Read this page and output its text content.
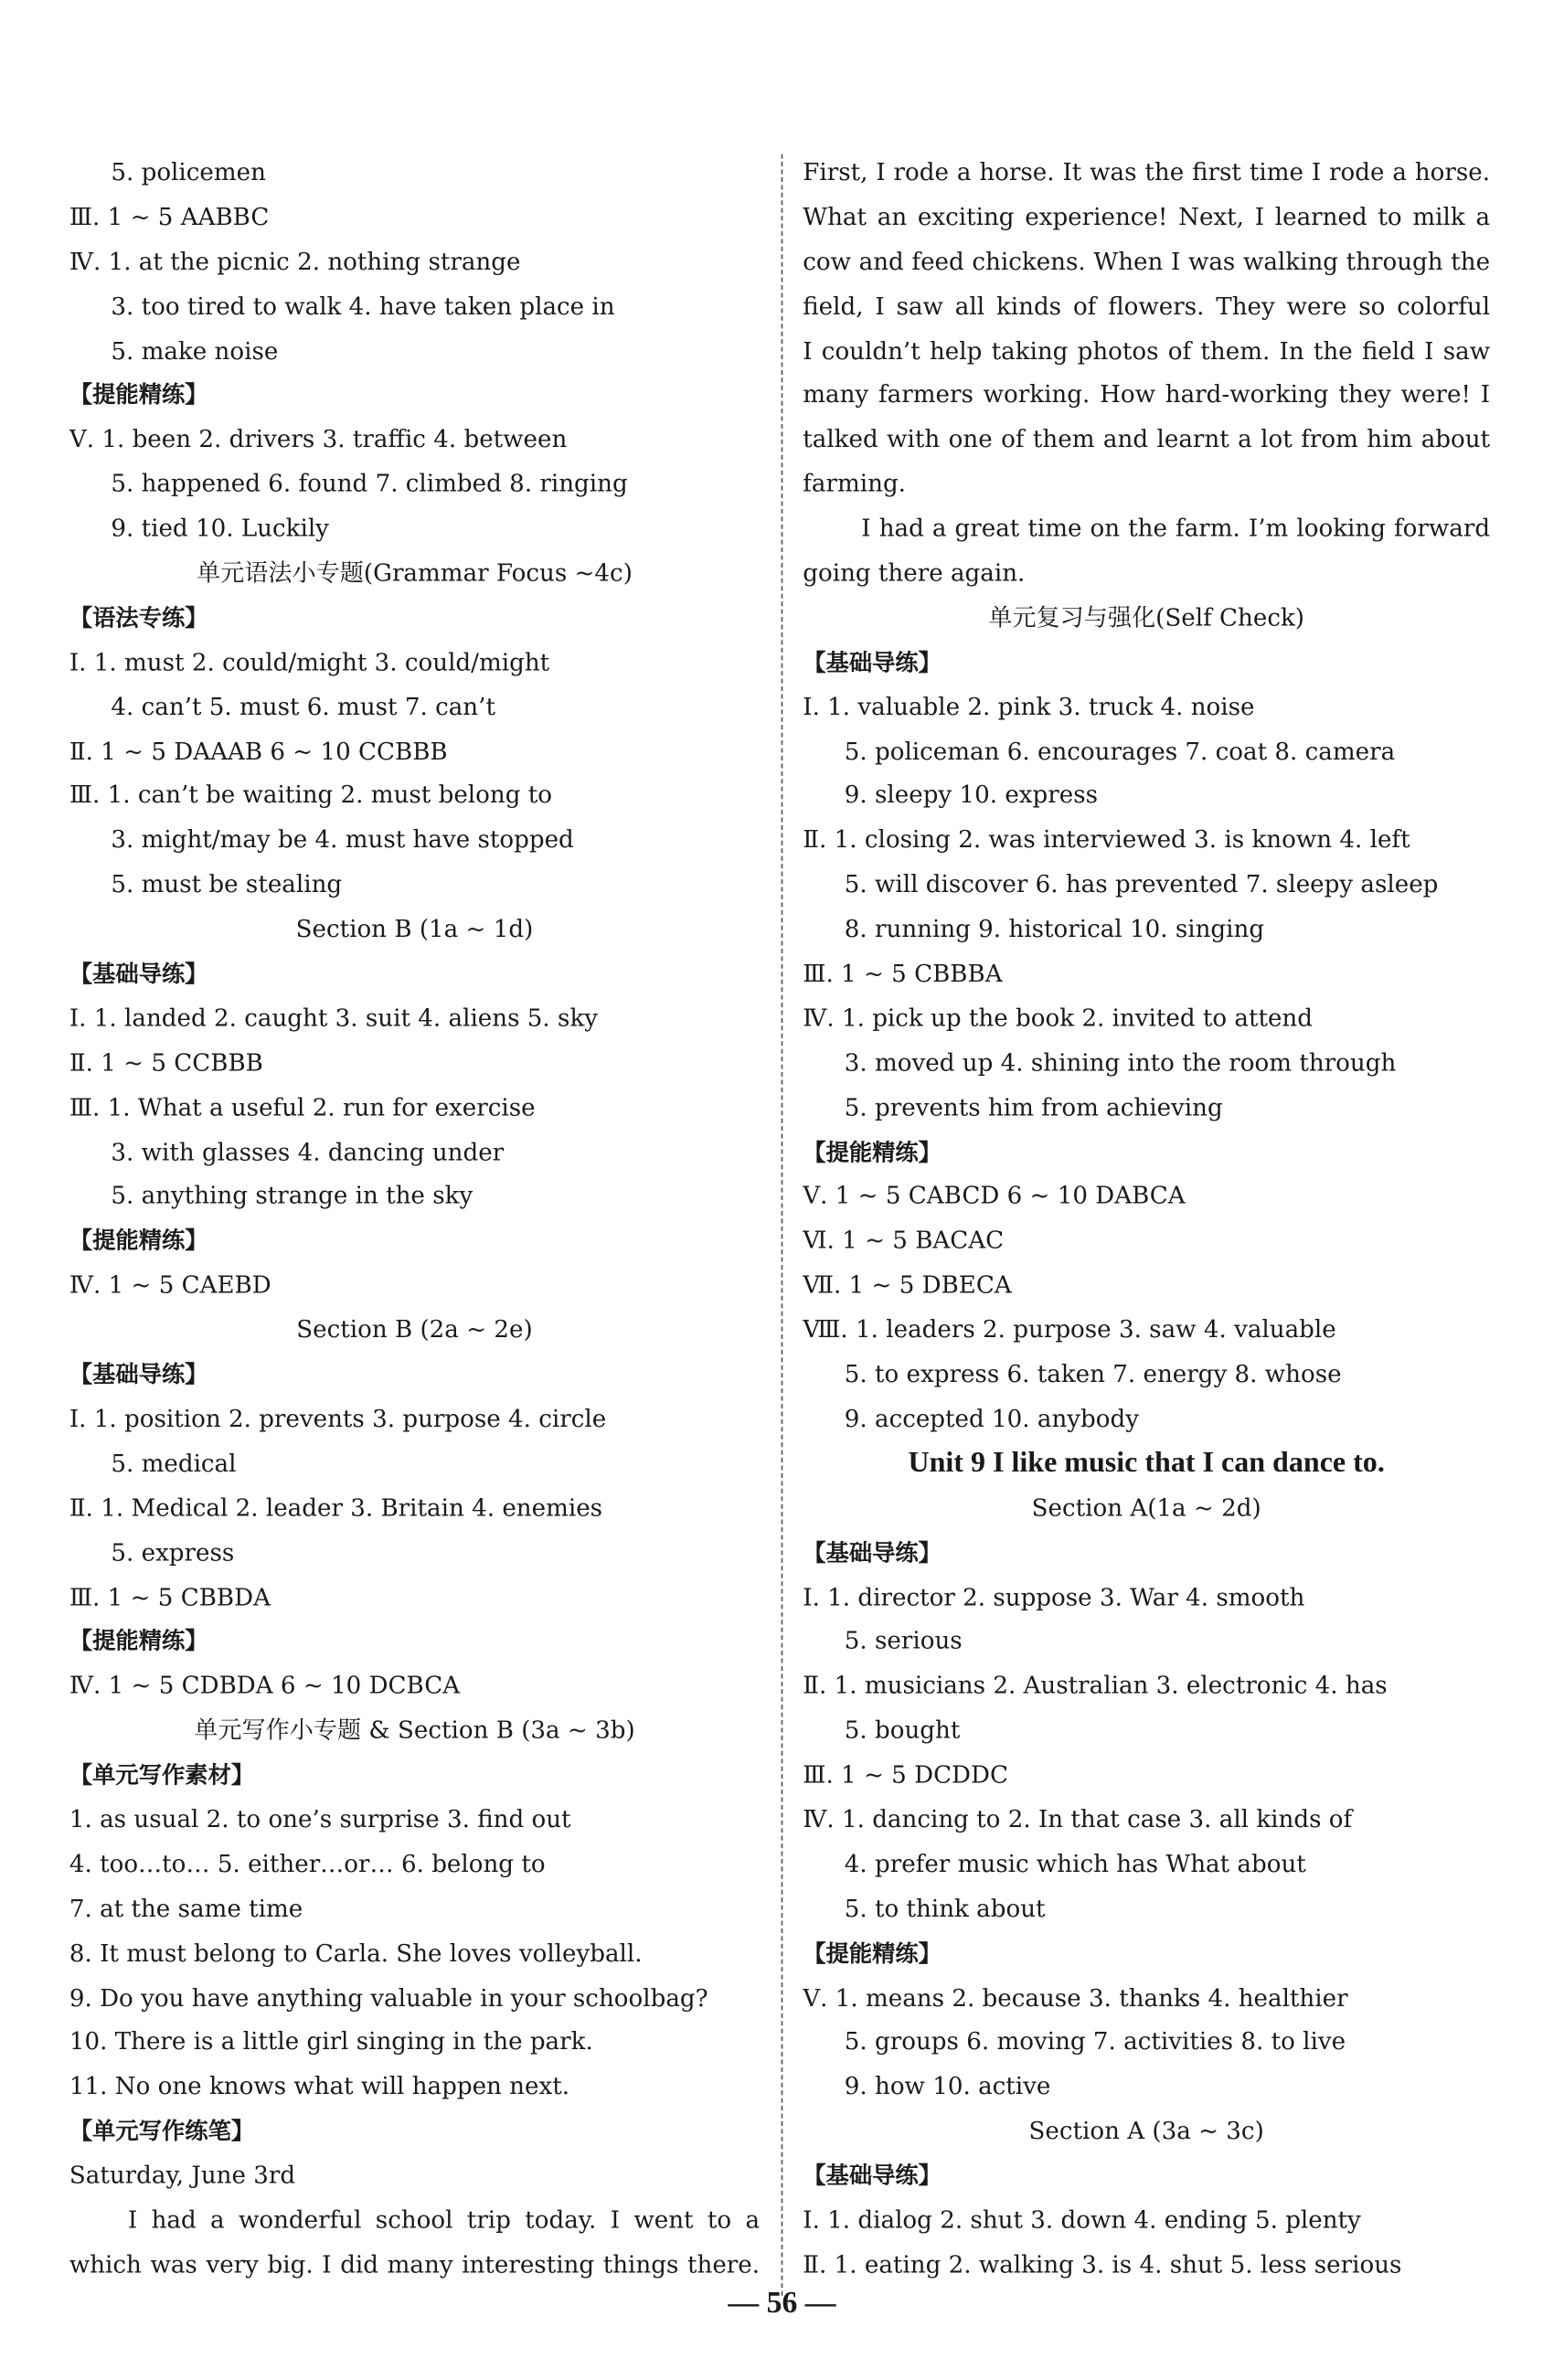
5. policemen
Ⅲ. 1 ~ 5 AABBC
Ⅳ. 1. at the picnic 2. nothing strange
3. too tired to walk 4. have taken place in
5. make noise
【提能精练】
Ⅴ. 1. been 2. drivers 3. traffic 4. between
5. happened 6. found 7. climbed 8. ringing
9. tied 10. Luckily
单元语法小专题(Grammar Focus ~4c)
【语法专练】
Ⅰ. 1. must 2. could/might 3. could/might
4. can’t 5. must 6. must 7. can’t
Ⅱ. 1 ~ 5 DAAAB 6 ~ 10 CCBBB
Ⅲ. 1. can’t be waiting 2. must belong to
3. might/may be 4. must have stopped
5. must be stealing
Section B (1a ~ 1d)
【基础导练】
Ⅰ. 1. landed 2. caught 3. suit 4. aliens 5. sky
Ⅱ. 1 ~ 5 CCBBB
Ⅲ. 1. What a useful 2. run for exercise
3. with glasses 4. dancing under
5. anything strange in the sky
【提能精练】
Ⅳ. 1 ~ 5 CAEBD
Section B (2a ~ 2e)
【基础导练】
Ⅰ. 1. position 2. prevents 3. purpose 4. circle
5. medical
Ⅱ. 1. Medical 2. leader 3. Britain 4. enemies
5. express
Ⅲ. 1 ~ 5 CBBDA
【提能精练】
Ⅳ. 1 ~ 5 CDBDA 6 ~ 10 DCBCA
单元写作小专题 & Section B (3a ~ 3b)
【单元写作素材】
1. as usual 2. to one’s surprise 3. find out
4. too…to… 5. either…or… 6. belong to
7. at the same time
8. It must belong to Carla. She loves volleyball.
9. Do you have anything valuable in your schoolbag?
10. There is a little girl singing in the park.
11. No one knows what will happen next.
【单元写作练笔】
Saturday, June 3rd
I had a wonderful school trip today. I went to a
which was very big. I did many interesting things there.
First, I rode a horse. It was the first time I rode a horse.
What an exciting experience! Next, I learned to milk a
cow and feed chickens. When I was walking through the
field, I saw all kinds of flowers. They were so colorful
I couldn’t help taking photos of them. In the field I saw
many farmers working. How hard-working they were! I
talked with one of them and learnt a lot from him about
farming.
I had a great time on the farm. I’m looking forward
going there again.
单元复习与强化(Self Check)
【基础导练】
Ⅰ. 1. valuable 2. pink 3. truck 4. noise
5. policeman 6. encourages 7. coat 8. camera
9. sleepy 10. express
Ⅱ. 1. closing 2. was interviewed 3. is known 4. left
5. will discover 6. has prevented 7. sleepy asleep
8. running 9. historical 10. singing
Ⅲ. 1 ~ 5 CBBBA
Ⅳ. 1. pick up the book 2. invited to attend
3. moved up 4. shining into the room through
5. prevents him from achieving
【提能精练】
Ⅴ. 1 ~ 5 CABCD 6 ~ 10 DABCA
Ⅵ. 1 ~ 5 BACAC
Ⅶ. 1 ~ 5 DBECA
Ⅷ. 1. leaders 2. purpose 3. saw 4. valuable
5. to express 6. taken 7. energy 8. whose
9. accepted 10. anybody
Unit 9 I like music that I can dance to.
Section A(1a ~ 2d)
【基础导练】
Ⅰ. 1. director 2. suppose 3. War 4. smooth
5. serious
Ⅱ. 1. musicians 2. Australian 3. electronic 4. has
5. bought
Ⅲ. 1 ~ 5 DCDDC
Ⅳ. 1. dancing to 2. In that case 3. all kinds of
4. prefer music which has What about
5. to think about
【提能精练】
Ⅴ. 1. means 2. because 3. thanks 4. healthier
5. groups 6. moving 7. activities 8. to live
9. how 10. active
Section A (3a ~ 3c)
【基础导练】
Ⅰ. 1. dialog 2. shut 3. down 4. ending 5. plenty
Ⅱ. 1. eating 2. walking 3. is 4. shut 5. less serious
— 56 —
